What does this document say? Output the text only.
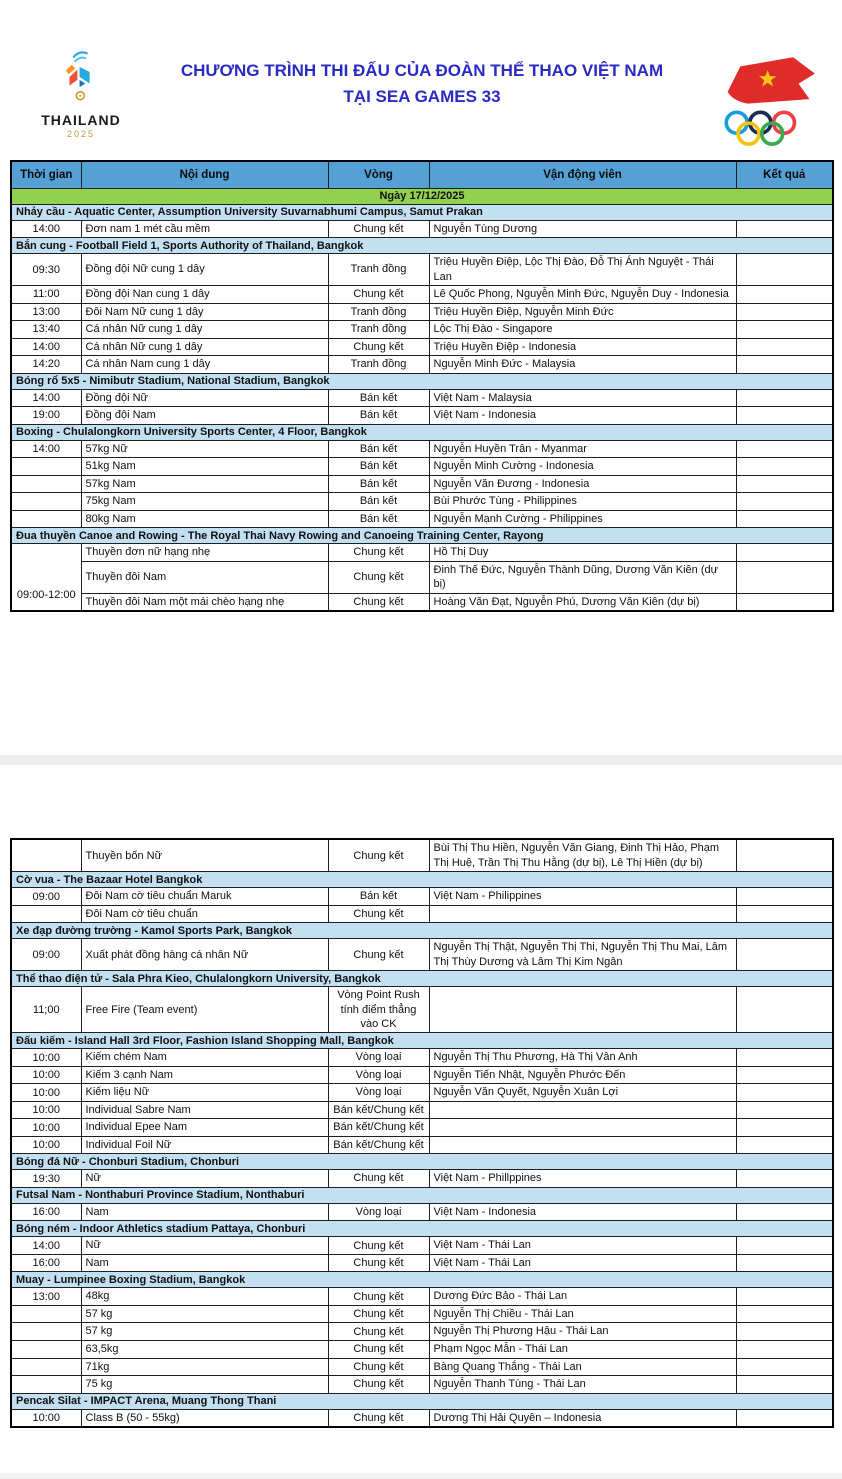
THAILAND
2025
CHƯƠNG TRÌNH THI ĐẤU CỦA ĐOÀN THỂ THAO VIỆT NAM
TẠI SEA GAMES 33
Thời gian	Nội dung	Vòng	Vận động viên	Kết quả
Ngày 17/12/2025				
Nhảy cầu - Aquatic Center, Assumption University Suvarnabhumi Campus, Samut Prakan				
14:00	Đơn nam 1 mét cầu mềm	Chung kết	Nguyễn Tùng Dương	
Bắn cung - Football Field 1, Sports Authority of Thailand, Bangkok				
09:30	Đồng đội Nữ cung 1 dây	Tranh đồng	Triệu Huyền Điệp, Lộc Thị Đào, Đỗ Thị Ánh Nguyệt - Thái Lan	
11:00	Đồng đội Nan cung 1 dây	Chung kết	Lê Quốc Phong, Nguyễn Minh Đức, Nguyễn Duy - Indonesia	
13:00	Đôi Nam Nữ cung 1 dây	Tranh đồng	Triệu Huyền Điệp, Nguyễn Minh Đức	
13:40	Cá nhân Nữ cung 1 dây	Tranh đồng	Lộc Thị Đào - Singapore	
14:00	Cá nhân Nữ cung 1 dây	Chung kết	Triệu Huyền Điệp - Indonesia	
14:20	Cá nhân Nam cung 1 dây	Tranh đồng	Nguyễn Minh Đức - Malaysia	
Bóng rổ 5x5 - Nimibutr Stadium, National Stadium, Bangkok				
14:00	Đồng đội Nữ	Bán kết	Việt Nam - Malaysia	
19:00	Đồng đội Nam	Bán kết	Việt Nam - Indonesia	
Boxing - Chulalongkorn University Sports Center, 4 Floor, Bangkok				
14:00	57kg Nữ	Bán kết	Nguyễn Huyền Trân - Myanmar	
	51kg Nam	Bán kết	Nguyễn Minh Cường - Indonesia	
	57kg Nam	Bán kết	Nguyễn Văn Đương - Indonesia	
	75kg Nam	Bán kết	Bùi Phước Tùng - Philippines	
	80kg Nam	Bán kết	Nguyễn Mạnh Cường - Philippines	
Đua thuyền Canoe and Rowing - The Royal Thai Navy Rowing and Canoeing Training Center, Rayong				
09:00-12:00	Thuyền đơn nữ hạng nhẹ	Chung kết	Hồ Thị Duy	
	Thuyền đôi Nam	Chung kết	Đinh Thế Đức, Nguyễn Thành Dũng, Dương Văn Kiên (dự bị)	
	Thuyền đôi Nam một mái chèo hạng nhẹ	Chung kết	Hoàng Văn Đạt, Nguyễn Phú, Dương Văn Kiên (dự bị)	
	Thuyền bốn Nữ	Chung kết	Bùi Thị Thu Hiền, Nguyễn Văn Giang, Đinh Thị Hảo, Phạm Thị Huệ, Trần Thị Thu Hằng (dự bị), Lê Thị Hiền (dự bị)	
Cờ vua - The Bazaar Hotel Bangkok				
09:00	Đôi Nam cờ tiêu chuẩn Maruk	Bán kết	Việt Nam - Philippines	
	Đôi Nam cờ tiêu chuẩn	Chung kết		
Xe đạp đường trường - Kamol Sports Park, Bangkok				
09:00	Xuất phát đồng hàng cá nhân Nữ	Chung kết	Nguyễn Thị Thật, Nguyễn Thị Thi, Nguyễn Thị Thu Mai, Lâm Thị Thùy Dương và Lâm Thị Kim Ngân	
Thể thao điện tử - Sala Phra Kieo, Chulalongkorn University, Bangkok				
11;00	Free Fire (Team event)	Vòng Point Rush tính điểm thẳng vào CK		
Đấu kiếm - Island Hall 3rd Floor, Fashion Island Shopping Mall, Bangkok				
10:00	Kiếm chém Nam	Vòng loại	Nguyễn Thị Thu Phương, Hà Thị Vân Anh	
10:00	Kiếm 3 cạnh Nam	Vòng loại	Nguyễn Tiến Nhật, Nguyễn Phước Đến	
10:00	Kiếm liệu Nữ	Vòng loại	Nguyễn Văn Quyết, Nguyễn Xuân Lợi	
10:00	Individual Sabre Nam	Bán kết/Chung kết		
10:00	Individual Epee Nam	Bán kết/Chung kết		
10:00	Individual Foil Nữ	Bán kết/Chung kết		
Bóng đá Nữ - Chonburi Stadium, Chonburi				
19:30	Nữ	Chung kết	Việt Nam - Phillppines	
Futsal Nam - Nonthaburi Province Stadium, Nonthaburi				
16:00	Nam	Vòng loại	Việt Nam - Indonesia	
Bóng ném - Indoor Athletics stadium Pattaya, Chonburi				
14:00	Nữ	Chung kết	Việt Nam - Thái Lan	
16:00	Nam	Chung kết	Việt Nam - Thái Lan	
Muay - Lumpinee Boxing Stadium, Bangkok				
13:00	48kg	Chung kết	Dương Đức Bảo - Thái Lan	
	57 kg	Chung kết	Nguyễn Thị Chiều - Thái Lan	
	57 kg	Chung kết	Nguyễn Thị Phương Hậu - Thái Lan	
	63,5kg	Chung kết	Phạm Ngọc Mẫn - Thái Lan	
	71kg	Chung kết	Bàng Quang Thắng - Thái Lan	
	75 kg	Chung kết	Nguyễn Thanh Tùng - Thái Lan	
Pencak Silat - IMPACT Arena, Muang Thong Thani				
10:00	Class B (50 - 55kg)	Chung kết	Dương Thị Hải Quyên – Indonesia	
